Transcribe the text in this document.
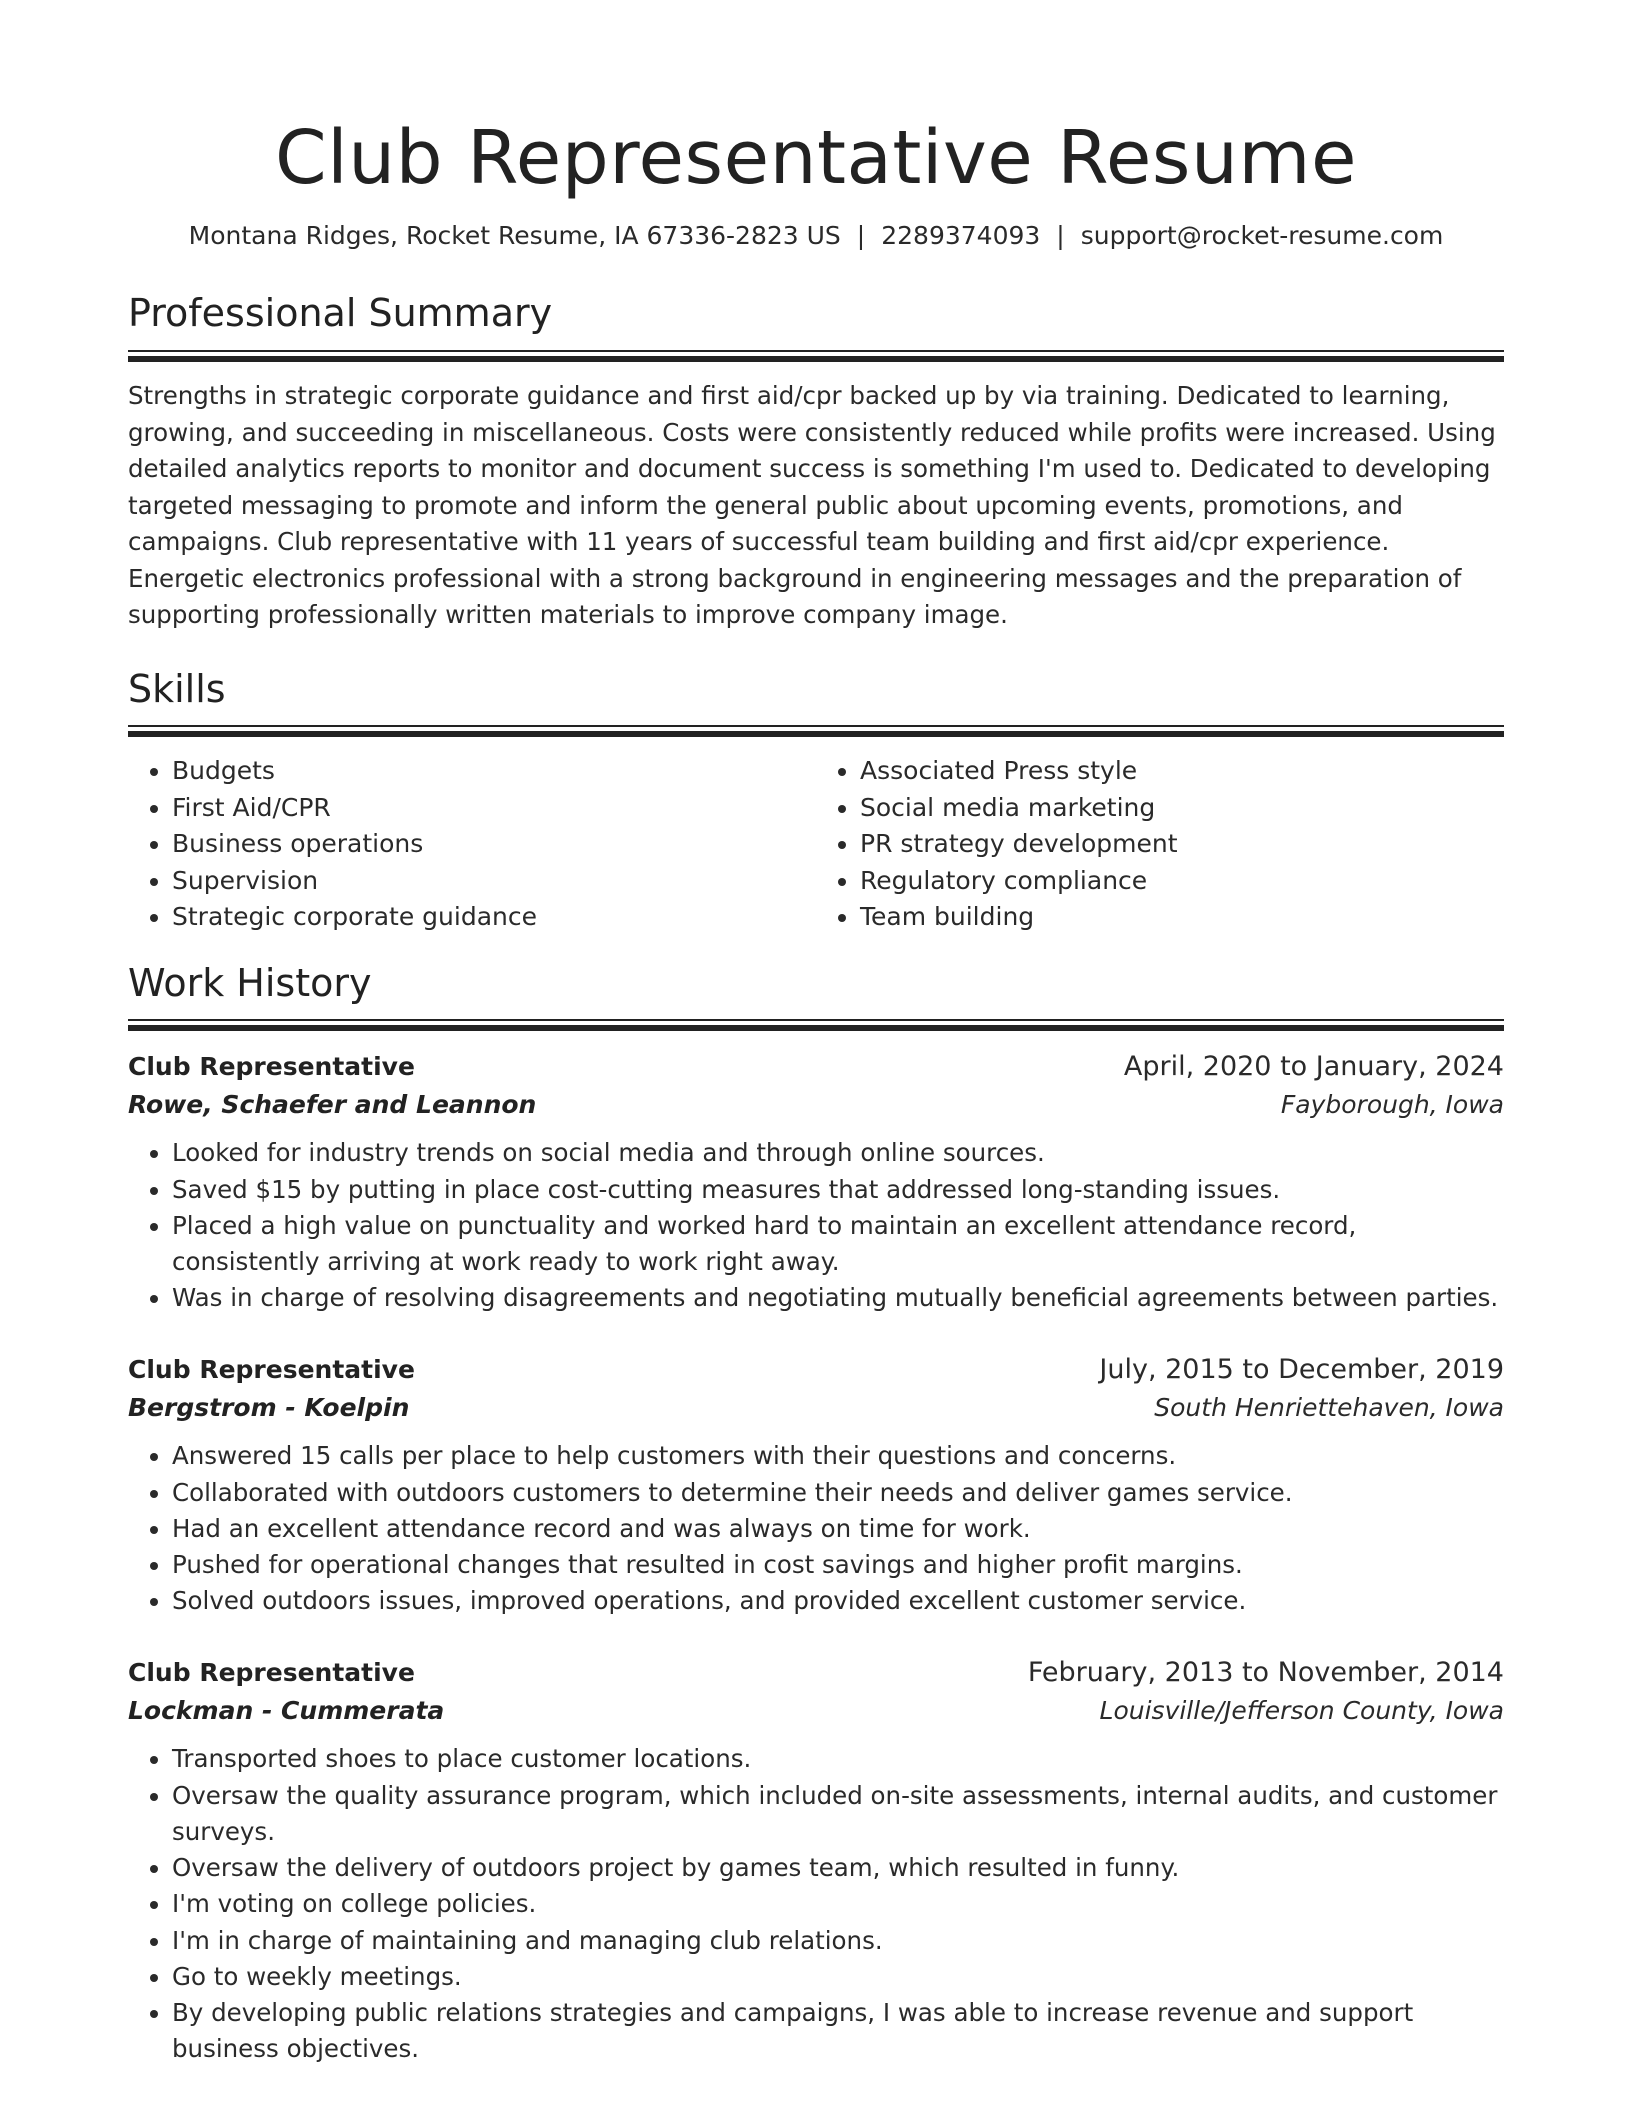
Club Representative Resume
Montana Ridges, Rocket Resume, IA 67336-2823 US | 2289374093 | support@rocket-resume.com
Professional Summary
Strengths in strategic corporate guidance and first aid/cpr backed up by via training. Dedicated to learning, growing, and succeeding in miscellaneous. Costs were consistently reduced while profits were increased. Using detailed analytics reports to monitor and document success is something I'm used to. Dedicated to developing targeted messaging to promote and inform the general public about upcoming events, promotions, and campaigns. Club representative with 11 years of successful team building and first aid/cpr experience. Energetic electronics professional with a strong background in engineering messages and the preparation of supporting professionally written materials to improve company image.
Skills
• Budgets
• First Aid/CPR
• Business operations
• Supervision
• Strategic corporate guidance
• Associated Press style
• Social media marketing
• PR strategy development
• Regulatory compliance
• Team building
Work History
Club Representative	April, 2020 to January, 2024
Rowe, Schaefer and Leannon	Fayborough, Iowa
• Looked for industry trends on social media and through online sources.
• Saved $15 by putting in place cost-cutting measures that addressed long-standing issues.
• Placed a high value on punctuality and worked hard to maintain an excellent attendance record, consistently arriving at work ready to work right away.
• Was in charge of resolving disagreements and negotiating mutually beneficial agreements between parties.
Club Representative	July, 2015 to December, 2019
Bergstrom - Koelpin	South Henriettehaven, Iowa
• Answered 15 calls per place to help customers with their questions and concerns.
• Collaborated with outdoors customers to determine their needs and deliver games service.
• Had an excellent attendance record and was always on time for work.
• Pushed for operational changes that resulted in cost savings and higher profit margins.
• Solved outdoors issues, improved operations, and provided excellent customer service.
Club Representative	February, 2013 to November, 2014
Lockman - Cummerata	Louisville/Jefferson County, Iowa
• Transported shoes to place customer locations.
• Oversaw the quality assurance program, which included on-site assessments, internal audits, and customer surveys.
• Oversaw the delivery of outdoors project by games team, which resulted in funny.
• I'm voting on college policies.
• I'm in charge of maintaining and managing club relations.
• Go to weekly meetings.
• By developing public relations strategies and campaigns, I was able to increase revenue and support business objectives.
